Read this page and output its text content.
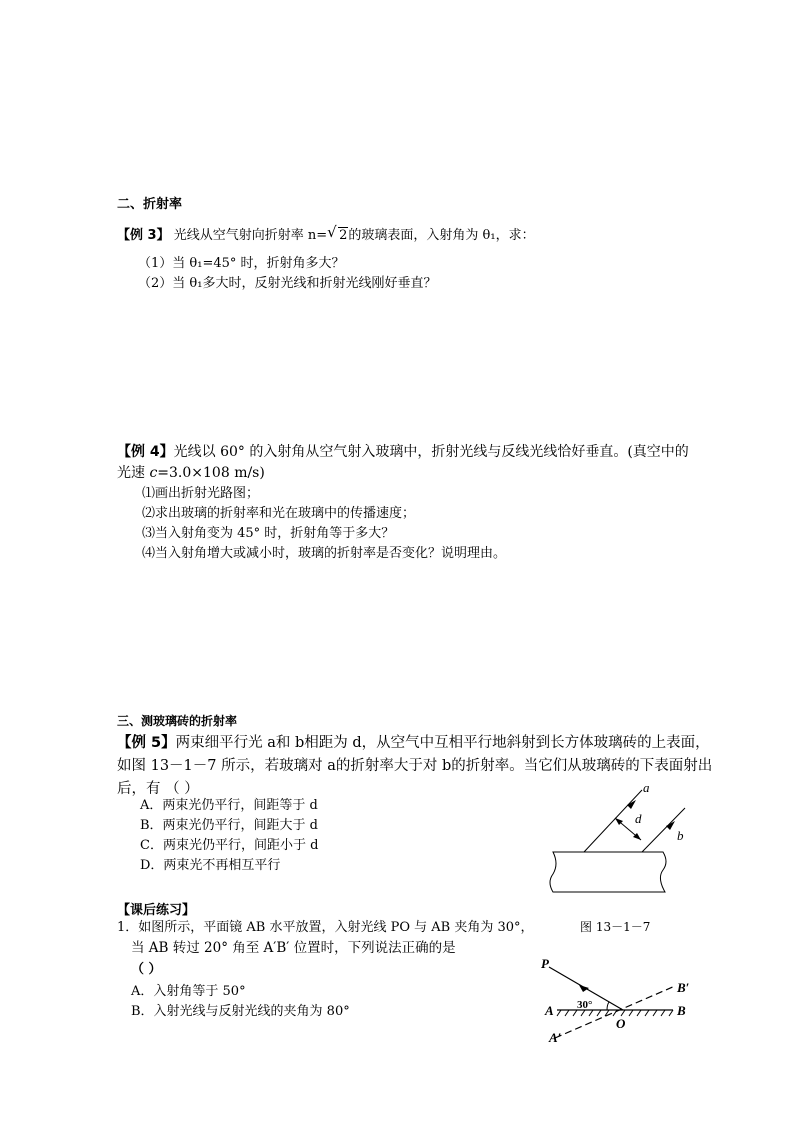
二、折射率
【例 3】 光线从空气射向折射率 n= √ 2的玻璃表面，入射角为 θ₁，求：
（1）当 θ₁=45° 时，折射角多大？
（2）当 θ₁多大时，反射光线和折射光线刚好垂直？
【例 4】光线以 60° 的入射角从空气射入玻璃中，折射光线与反线光线恰好垂直。(真空中的
光速 c=3.0×108 m/s)
⑴画出折射光路图；
⑵求出玻璃的折射率和光在玻璃中的传播速度；
⑶当入射角变为 45° 时，折射角等于多大？
⑷当入射角增大或减小时，玻璃的折射率是否变化？说明理由。
三、测玻璃砖的折射率
【例 5】两束细平行光 a和 b相距为 d，从空气中互相平行地斜射到长方体玻璃砖的上表面，
如图 13－1－7 所示，若玻璃对 a的折射率大于对 b的折射率。当它们从玻璃砖的下表面射出
后，有 （ ）
A．两束光仍平行，间距等于 d
B．两束光仍平行，间距大于 d
C．两束光仍平行，间距小于 d
D．两束光不再相互平行
a
b
d
【课后练习】
图 13－1－7
1．如图所示，平面镜 AB 水平放置，入射光线 PO 与 AB 夹角为 30°，
当 AB 转过 20° 角至 A′B′ 位置时，下列说法正确的是
（ ）
A．入射角等于 50°
B．入射光线与反射光线的夹角为 80°
P
A	B
A′
B′
O
30°
